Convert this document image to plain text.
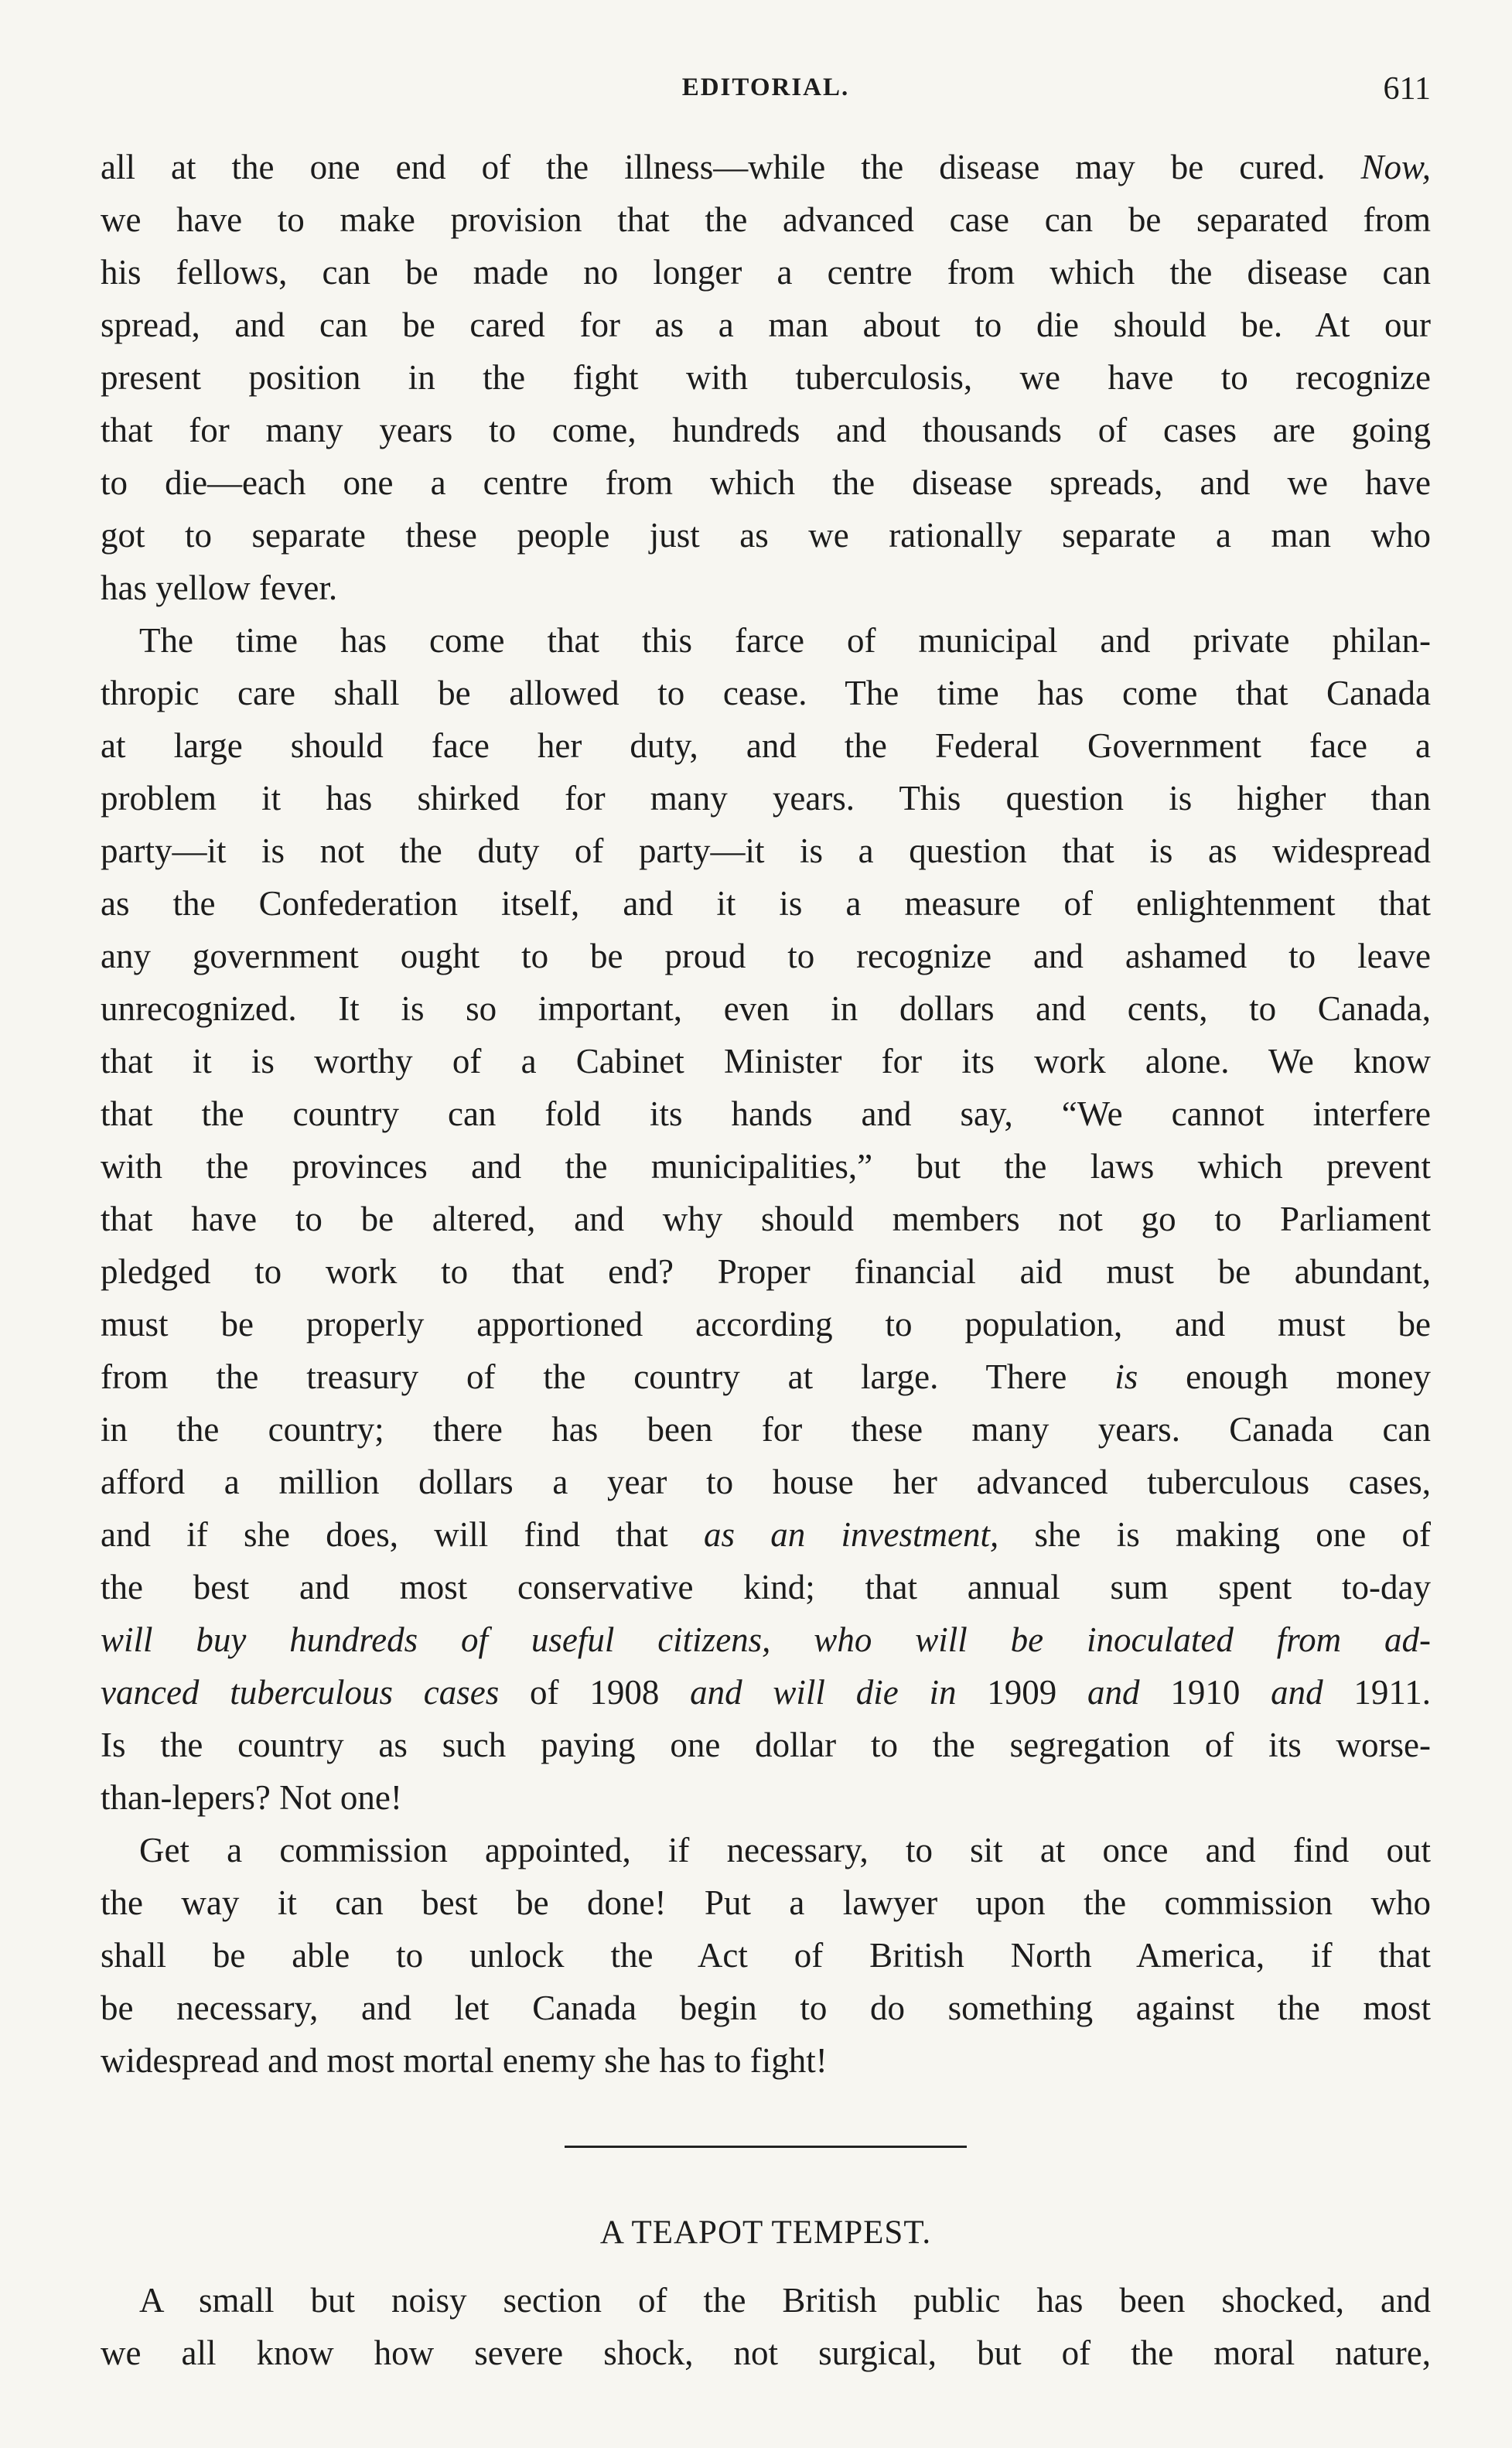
EDITORIAL.	611
all at the one end of the illness—while the disease may be cured. Now,
we have to make provision that the advanced case can be separated from
his fellows, can be made no longer a centre from which the disease can
spread, and can be cared for as a man about to die should be. At our
present position in the fight with tuberculosis, we have to recognize
that for many years to come, hundreds and thousands of cases are going
to die—each one a centre from which the disease spreads, and we have
got to separate these people just as we rationally separate a man who
has yellow fever.
The time has come that this farce of municipal and private philan-
thropic care shall be allowed to cease. The time has come that Canada
at large should face her duty, and the Federal Government face a
problem it has shirked for many years. This question is higher than
party—it is not the duty of party—it is a question that is as widespread
as the Confederation itself, and it is a measure of enlightenment that
any government ought to be proud to recognize and ashamed to leave
unrecognized. It is so important, even in dollars and cents, to Canada,
that it is worthy of a Cabinet Minister for its work alone. We know
that the country can fold its hands and say, “We cannot interfere
with the provinces and the municipalities,” but the laws which prevent
that have to be altered, and why should members not go to Parliament
pledged to work to that end? Proper financial aid must be abundant,
must be properly apportioned according to population, and must be
from the treasury of the country at large. There is enough money
in the country; there has been for these many years. Canada can
afford a million dollars a year to house her advanced tuberculous cases,
and if she does, will find that as an investment, she is making one of
the best and most conservative kind; that annual sum spent to-day
will buy hundreds of useful citizens, who will be inoculated from ad-
vanced tuberculous cases of 1908 and will die in 1909 and 1910 and 1911.
Is the country as such paying one dollar to the segregation of its worse-
than-lepers? Not one!
Get a commission appointed, if necessary, to sit at once and find out
the way it can best be done! Put a lawyer upon the commission who
shall be able to unlock the Act of British North America, if that
be necessary, and let Canada begin to do something against the most
widespread and most mortal enemy she has to fight!
A TEAPOT TEMPEST.
A small but noisy section of the British public has been shocked, and
we all know how severe shock, not surgical, but of the moral nature,
